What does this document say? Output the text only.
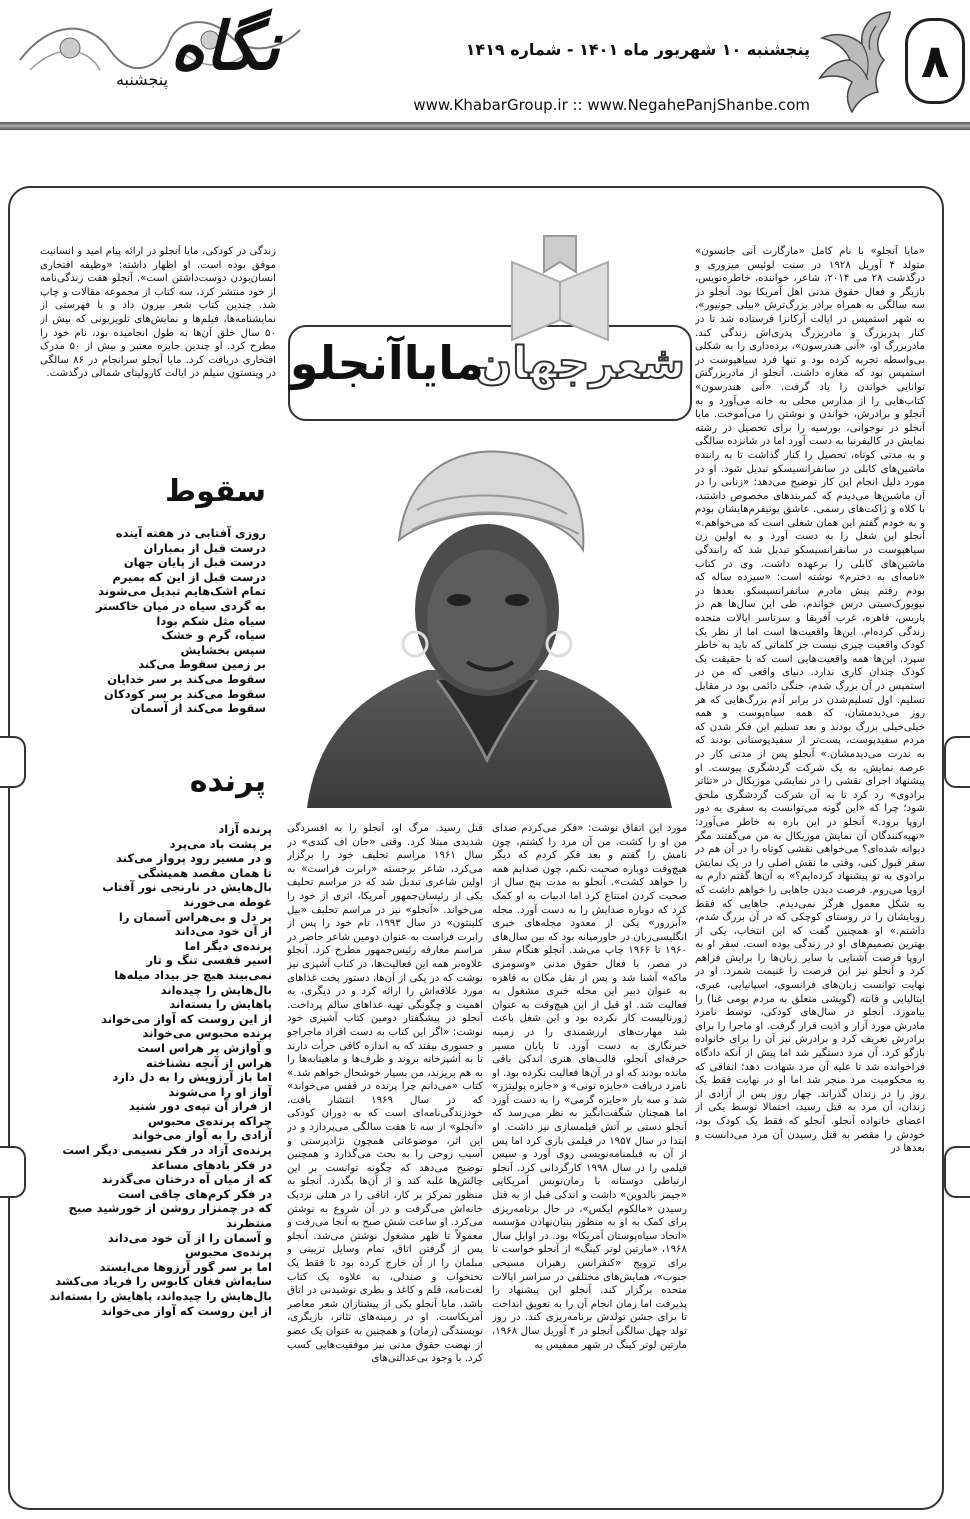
۸
نگاه
پنجشنبه
پنجشنبه ۱۰ شهریور ماه ۱۴۰۱ - شماره ۱۴۱۹
www.KhabarGroup.ir :: www.NegahePanjShanbe.com
شعرجهان
مایاآنجلو
«مایا آنجلو» با نام کامل «مارگارت آنی جانسون» متولد ۴ آوریل ۱۹۲۸ در سنت لوئیس میزوری و درگذشت ۲۸ می ۲۰۱۴، شاعر، خواننده، خاطره‌نویس، بازیگر و فعال حقوق مدنی اهل آمریکا بود. آنجلو در سه سالگی به همراه برادر بزرگ‌ترش «بیلی جونیور»، به شهر استمپس در ایالت آرکانزا فرستاده شد تا در کنار پدربزرگ و مادربزرگ پدری‌اش زندگی کند. مادربزرگ او، «آنی هندرسون»، برده‌داری را به شکلی بی‌واسطه تجربه کرده بود و تنها فرد سیاهپوست در استمپس بود که مغازه داشت. آنجلو از مادربزرگش توانایی خواندن را یاد گرفت. «آنی هندرسون» کتاب‌هایی را از مدارس محلی به خانه می‌آورد و به آنجلو و برادرش، خواندن و نوشتن را می‌آموخت. مایا آنجلو در نوجوانی، بورسیه را برای تحصیل در رشته نمایش در کالیفرنیا به دست آورد اما در شانزده سالگی و به مدتی کوتاه، تحصیل را کنار گذاشت تا به راننده ماشین‌های کابلی در سانفرانسیسکو تبدیل شود. او در مورد دلیل انجام این کار توضیح می‌دهد: «زنانی را در آن ماشین‌ها می‌دیدم که کمربندهای مخصوص داشتند، با کلاه و ژاکت‌های رسمی. عاشق یونیفرم‌هایشان بودم و به خودم گفتم این همان شغلی است که می‌خواهم.» آنجلو این شغل را به دست آورد و به اولین زن سیاهپوست در سانفرانسیسکو تبدیل شد که رانندگی ماشین‌های کابلی را برعهده داشت. وی در کتاب «نامه‌ای به دخترم» نوشته است: «سیزده ساله که بودم رفتم پیش مادرم سانفرانسیسکو. بعدها در نیویورک‌سیتی درس خواندم. طی این سال‌ها هم در پاریس، قاهره، غرب آفریقا و سرتاسر ایالات متحده زندگی کرده‌ام. این‌ها واقعیت‌ها است اما از نظر یک کودک واقعیت چیزی نیست جز کلماتی که باید به خاطر سپرد. این‌ها همه واقعیت‌هایی است که با حقیقت یک کودک چندان کاری ندارد. دنیای واقعی که من در استمپس در آن بزرگ شدم، جنگی دائمی بود در مقابل تسلیم. اول تسلیم‌شدن در برابر آدم بزرگ‌هایی که هر روز می‌دیدمشان، که همه سیاه‌پوست و همه خیلی‌خیلی بزرگ بودند و بعد تسلیم این فکر شدن که مردم سفیدپوست، پست‌تر از سفیدپوستانی بودند که به ندرت می‌دیدمشان.» آنجلو پس از مدتی کار در عرصه نمایش، به یک شرکت گردشگری پیوست. او پیشنهاد اجرای نقشی را در نمایشی موزیکال در «تئاتر برادوی» رد کرد تا به آن شرکت گردشگری ملحق شود؛ چرا که «این گونه می‌توانست به سفری به دور اروپا برود.» آنجلو در این باره به خاطر می‌آورد: «تهیه‌کنندگان آن نمایش موزیکال به من می‌گفتند مگر دیوانه شده‌ای؟ می‌خواهی نقشی کوتاه را در آن هم در سفر قبول کنی، وقتی ما نقش اصلی را در یک نمایش برادوی به تو پیشنهاد کرده‌ایم؟» به آن‌ها گفتم دارم به اروپا می‌روم. فرصت دیدن جاهایی را خواهم داشت که به شکل معمول هرگز نمی‌دیدم. جاهایی که فقط رویایشان را در روستای کوچکی که در آن بزرگ شدم، داشتم.» او همچنین گفت که این انتخاب، یکی از بهترین تصمیم‌های او در زندگی بوده است. سفر او به اروپا فرصت آشنایی با سایر زبان‌ها را برایش فراهم کرد و آنجلو نیز این فرصت را غنیمت شمرد. او در نهایت توانست زبان‌های فرانسوی، اسپانیایی، عبری، ایتالیایی و فانته (گویشی متعلق به مردم بومی غنا) را بیاموزد. آنجلو در سال‌های کودکی، توسط نامزد مادرش مورد آزار و اذیت قرار گرفت. او ماجرا را برای برادرش تعریف کرد و برادرش نیز آن را برای خانواده بازگو کرد. آن مرد دستگیر شد اما پیش از آنکه دادگاه فراخوانده شد تا علیه آن مرد شهادت دهد؛ اتفاقی که به محکومیت مرد منجر شد اما او در نهایت فقط یک روز را در زندان گذراند. چهار روز پس از آزادی از زندان، آن مرد به قتل رسید، احتمالا توسط یکی از اعضای خانواده آنجلو. آنجلو که فقط یک کودک بود، خودش را مقصر به قتل رسیدن آن مرد می‌دانست و بعدها در
مورد این اتفاق نوشت: «فکر می‌کردم صدای من او را کشت. من آن مرد را کشتم، چون نامش را گفتم و بعد فکر کردم که دیگر هیچ‌وقت دوباره صحبت نکنم، چون صدایم همه را خواهد کشت». آنجلو به مدت پنج سال از صحبت کردن امتناع کرد اما ادبیات به او کمک کرد که دوباره صدایش را به دست آورد. مجله «آبزرور» یکی از معدود مجله‌های خبری انگلیسی‌زبان در خاورمیانه بود که بین سال‌های ۱۹۶۰ تا ۱۹۶۶ چاپ می‌شد. آنجلو هنگام سفر در مصر، با فعال حقوق مدنی «وسومزی ماکه» آشنا شد و پس از نقل مکان به قاهره به عنوان دبیر این مجله خبری مشغول به فعالیت شد. او قبل از این هیچ‌وقت به عنوان ژورنالیست کار نکرده بود و این شغل باعث شد مهارت‌های ارزشمندی را در زمینه خبرنگاری به دست آورد. تا پایان مسیر حرفه‌ای آنجلو، قالب‌های هنری اندکی باقی مانده بودند که او در آن‌ها فعالیت نکرده بود. او نامزد دریافت «جایزه تونی» و «جایزه پولیتزر» شد و سه بار «جایزه گرمی» را به دست آورد اما همچنان شگفت‌انگیز به نظر می‌رسد که آنجلو دستی بر آتش فیلمسازی نیز داشت. او ابتدا در سال ۱۹۵۷ در فیلمی بازی کرد اما پس از آن به فیلمنامه‌نویسی روی آورد و سپس فیلمی را در سال ۱۹۹۸ کارگردانی کرد. آنجلو ارتباطی دوستانه با رمان‌نویس آمریکایی «جیمز بالدوین» داشت و اندکی قبل از به قتل رسیدن «مالکوم ایکس»، در حال برنامه‌ریزی برای کمک به او به منظور بنیان‌نهادن مؤسسه «اتحاد سیاه‌پوستان آمریکا» بود. در اوایل سال ۱۹۶۸، «مارتین لوتر کینگ» از آنجلو خواست تا برای ترویج «کنفرانس رهبران مسیحی جنوب»، همایش‌های مختلفی در سراسر ایالات متحده برگزار کند. آنجلو این پیشنهاد را پذیرفت اما زمان انجام آن را به تعویق انداخت تا برای جشن تولدش برنامه‌ریزی کند. در روز تولد چهل سالگی آنجلو در ۴ آوریل سال ۱۹۶۸، مارتین لوتر کینگ در شهر ممفیس به
قتل رسید. مرگ او، آنجلو را به افسردگی شدیدی مبتلا کرد. وقتی «جان اف کندی» در سال ۱۹۶۱ مراسم تحلیف خود را برگزار می‌کرد، شاعر برجسته «رابرت فراست» به اولین شاعری تبدیل شد که در مراسم تحلیف یکی از رئیسان‌جمهور آمریکا، اثری از خود را می‌خواند. «آنجلو» نیز در مراسم تحلیف «بیل کلینتون» در سال ۱۹۹۳، نام خود را پس از رابرت فراست به عنوان دومین شاعر حاضر در مراسم معارفه رئیس‌جمهور مطرح کرد. آنجلو علاوه‌بر همه این فعالیت‌ها، در کتاب آشپزی نیز نوشت که در یکی از آن‌ها، دستور پخت غذاهای مورد علاقه‌اش را ارائه کرد و در دیگری، به اهمیت و چگونگی تهیه غذاهای سالم پرداخت. آنجلو در پیشگفتار دومین کتاب آشپزی خود نوشت: «اگر این کتاب به دست افراد ماجراجو و جسوری بیفتد که به اندازه کافی جرأت دارند تا به آشپزخانه بروند و ظرف‌ها و ماهیتابه‌ها را به هم بریزند، من بسیار خوشحال خواهم شد.» کتاب «می‌دانم چرا پرنده در قفس می‌خواند» که در سال ۱۹۶۹ انتشار یافت، خودزندگی‌نامه‌ای است که به دوران کودکی «آنجلو» از سه تا هفت سالگی می‌پردازد و در این اثر، موضوعاتی همچون نژادپرستی و آسیب روحی را به بحث می‌گذارد و همچنین توضیح می‌دهد که چگونه توانست بر این چالش‌ها غلبه کند و از آن‌ها بگذرد. آنجلو به منظور تمرکز بر کار، اتاقی را در هتلی نزدیک خانه‌اش می‌گرفت و در آن شروع به نوشتن می‌کرد. او ساعت شش صبح به آنجا می‌رفت و معمولاً تا ظهر مشغول نوشتن می‌شد. آنجلو پس از گرفتن اتاق، تمام وسایل تزیینی و مبلمان را از آن خارج کرده بود تا فقط یک تختخواب و صندلی، به علاوه یک کتاب لغت‌نامه، قلم و کاغذ و بطری نوشیدنی در اتاق باشد. مایا آنجلو یکی از پیشتازان شعر معاصر آمریکاست. او در زمینه‌های تئاتر، بازیگری، نویسندگی (رمان) و همچنین به عنوان یک عضو از نهضت حقوق مدنی نیز موفقیت‌هایی کسب کرد. با وجود بی‌عدالتی‌های
زندگی در کودکی، مایا آنجلو در ارائه پیام امید و انسانیت موفق بوده است. او اظهار داشته: «وظیفه افتخاری انسان‌بودن دوست‌داشتن است». آنجلو هفت زندگی‌نامه از خود منتشر کرد، سه کتاب از مجموعه مقالات و چاپ شد. چندین کتاب شعر بیرون داد و با فهرستی از نمایشنامه‌ها، فیلم‌ها و نمایش‌های تلویزیونی که بیش از ۵۰ سال خلق آن‌ها به طول انجامیده بود، نام خود را مطرح کرد. او چندین جایزه معتبر و بیش از ۵۰ مدرک افتخاری دریافت کرد. مایا آنجلو سرانجام در ۸۶ سالگی در وینستون سیلم در ایالت کارولینای شمالی درگذشت.
سقوط
روزی آفتابی در هفته آینده
درست قبل از بمباران
درست قبل از پایان جهان
درست قبل از این که بمیرم
تمام اشک‌هایم تبدیل می‌شوند
به گردی سیاه در میان خاکستر
سیاه مثل شکم بودا
سیاه، گرم و خشک
سپس بخشایش
بر زمین سقوط می‌کند
سقوط می‌کند بر سر خدایان
سقوط می‌کند بر سر کودکان
سقوط می‌کند از آسمان
پرنده
پرنده آزاد
بر پشت باد می‌پرد
و در مسیر رود پرواز می‌کند
تا همان مقصد همیشگی
بال‌هایش در نارنجی نور آفتاب
غوطه می‌خورند
پر دل و بی‌هراس آسمان را
از آن خود می‌داند
پرنده‌ی دیگر اما
اسیر قفسی تنگ و تار
نمی‌بیند هیچ جز بیداد میله‌ها
بال‌هایش را چیده‌اند
پاهایش را بسته‌اند
از این روست که آواز می‌خواند
پرنده محبوس می‌خواند
و آوازش پر هراس است
هراس از آنچه نشناخته
اما باز آرزویش را به دل دارد
آواز او را می‌شوند
از فراز آن تپه‌ی دور شنید
چراکه پرنده‌ی محبوس
آزادی را به آواز می‌خواند
پرنده‌ی آزاد در فکر نسیمی دیگر است
در فکر بادهای مساعد
که از میان آه درختان می‌گذرند
در فکر کرم‌های چاقی است
که در چمنزار روشن از خورشید صبح منتظرند
و آسمان را از آن خود می‌داند
پرنده‌ی محبوس
اما بر سر گور آرزوها می‌ایستد
سایه‌اش فغان کابوس را فریاد می‌کشد
بال‌هایش را چیده‌اند، پاهایش را بسته‌اند
از این روست که آواز می‌خواند
